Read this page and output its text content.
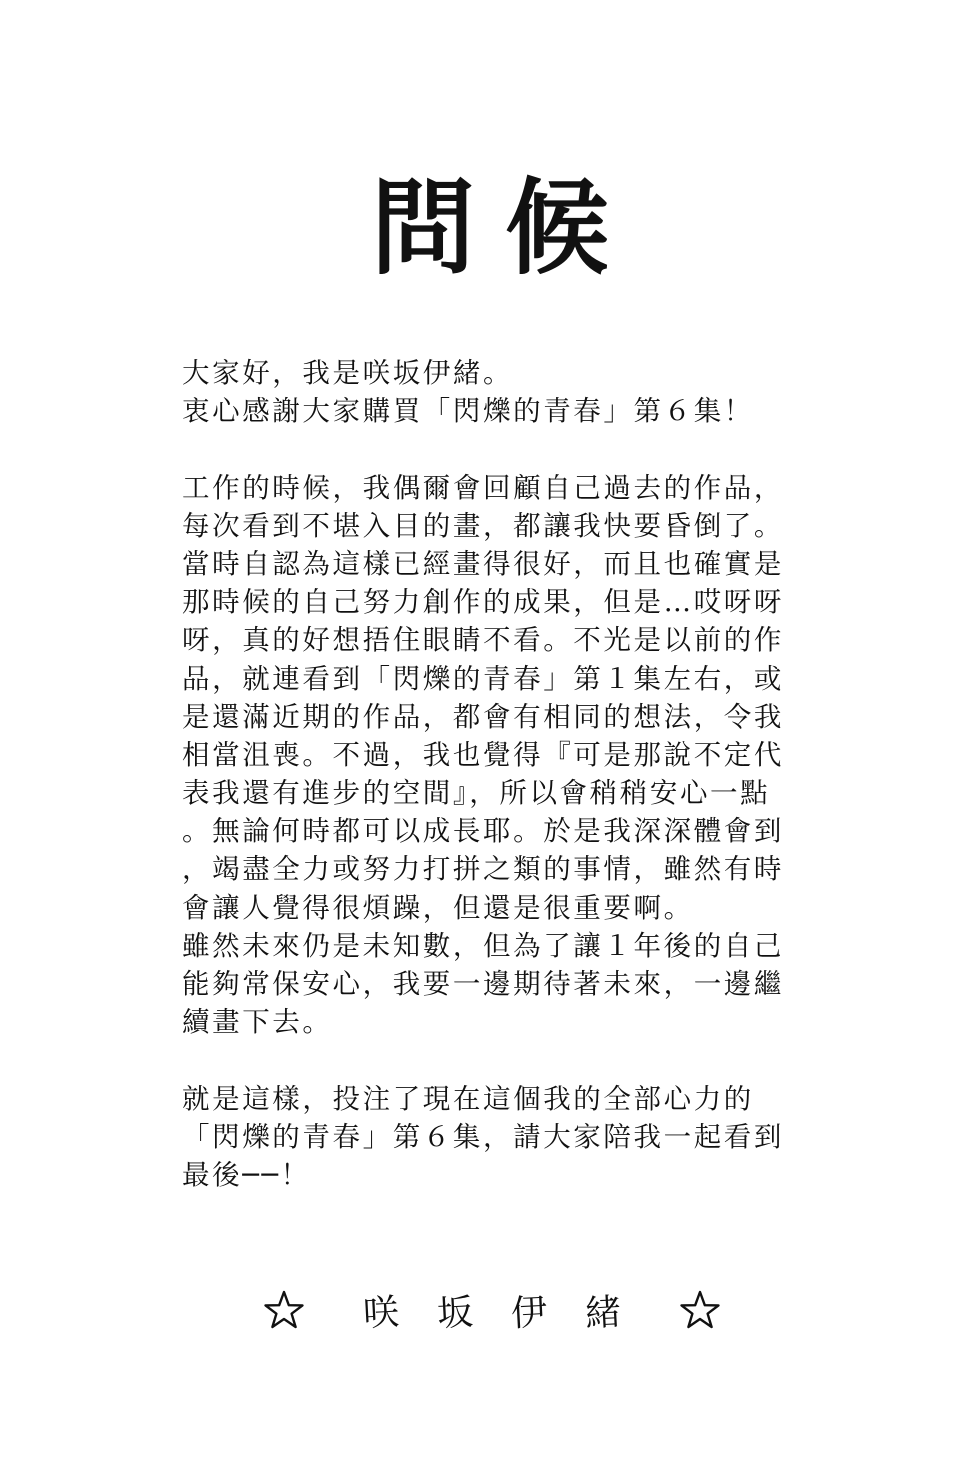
問候
大家好，我是咲坂伊緒。
衷心感謝大家購買「閃爍的青春」第６集！
工作的時候，我偶爾會回顧自己過去的作品，
每次看到不堪入目的畫，都讓我快要昏倒了。
當時自認為這樣已經畫得很好，而且也確實是
那時候的自己努力創作的成果，但是…哎呀呀
呀，真的好想捂住眼睛不看。不光是以前的作
品，就連看到「閃爍的青春」第１集左右，或
是還滿近期的作品，都會有相同的想法，令我
相當沮喪。不過，我也覺得『可是那說不定代
表我還有進步的空間』，所以會稍稍安心一點
。無論何時都可以成長耶。於是我深深體會到
，竭盡全力或努力打拼之類的事情，雖然有時
會讓人覺得很煩躁，但還是很重要啊。
雖然未來仍是未知數，但為了讓１年後的自己
能夠常保安心，我要一邊期待著未來，一邊繼
續畫下去。
就是這樣，投注了現在這個我的全部心力的
「閃爍的青春」第６集，請大家陪我一起看到
最後──！
咲 坂 伊 緒
